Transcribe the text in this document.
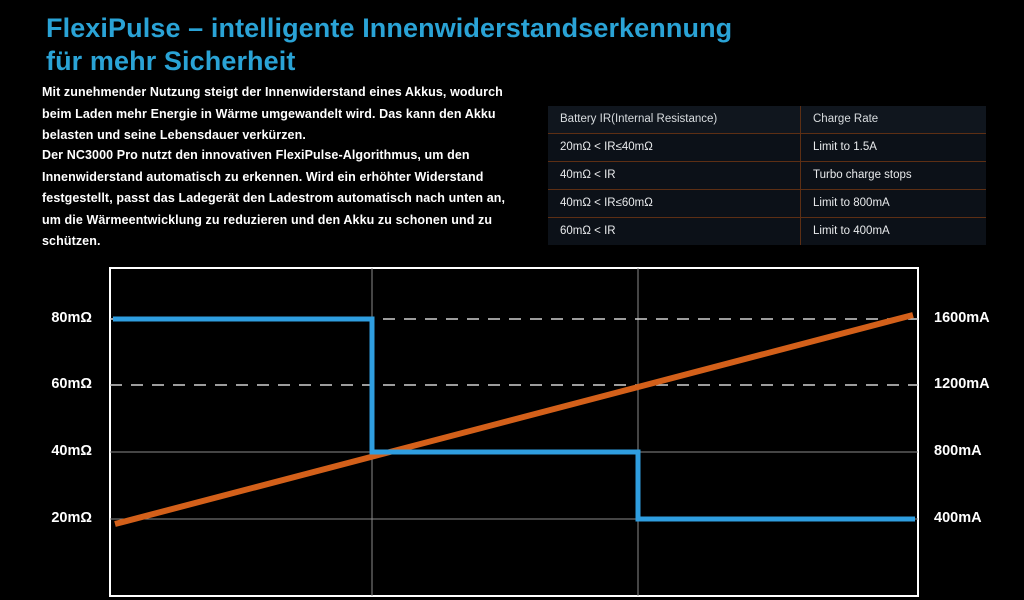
FlexiPulse – intelligente Innenwiderstandserkennung
für mehr Sicherheit
Mit zunehmender Nutzung steigt der Innenwiderstand eines Akkus, wodurch beim Laden mehr Energie in Wärme umgewandelt wird. Das kann den Akku belasten und seine Lebensdauer verkürzen.
Der NC3000 Pro nutzt den innovativen FlexiPulse-Algorithmus, um den Innenwiderstand automatisch zu erkennen. Wird ein erhöhter Widerstand festgestellt, passt das Ladegerät den Ladestrom automatisch nach unten an, um die Wärmeentwicklung zu reduzieren und den Akku zu schonen und zu schützen.
Battery IR(Internal Resistance)	Charge Rate
20mΩ < IR≤40mΩ	Limit to 1.5A
40mΩ < IR	Turbo charge stops
40mΩ < IR≤60mΩ	Limit to 800mA
60mΩ < IR	Limit to 400mA
80mΩ
60mΩ
40mΩ
20mΩ
1600mA
1200mA
800mA
400mA
